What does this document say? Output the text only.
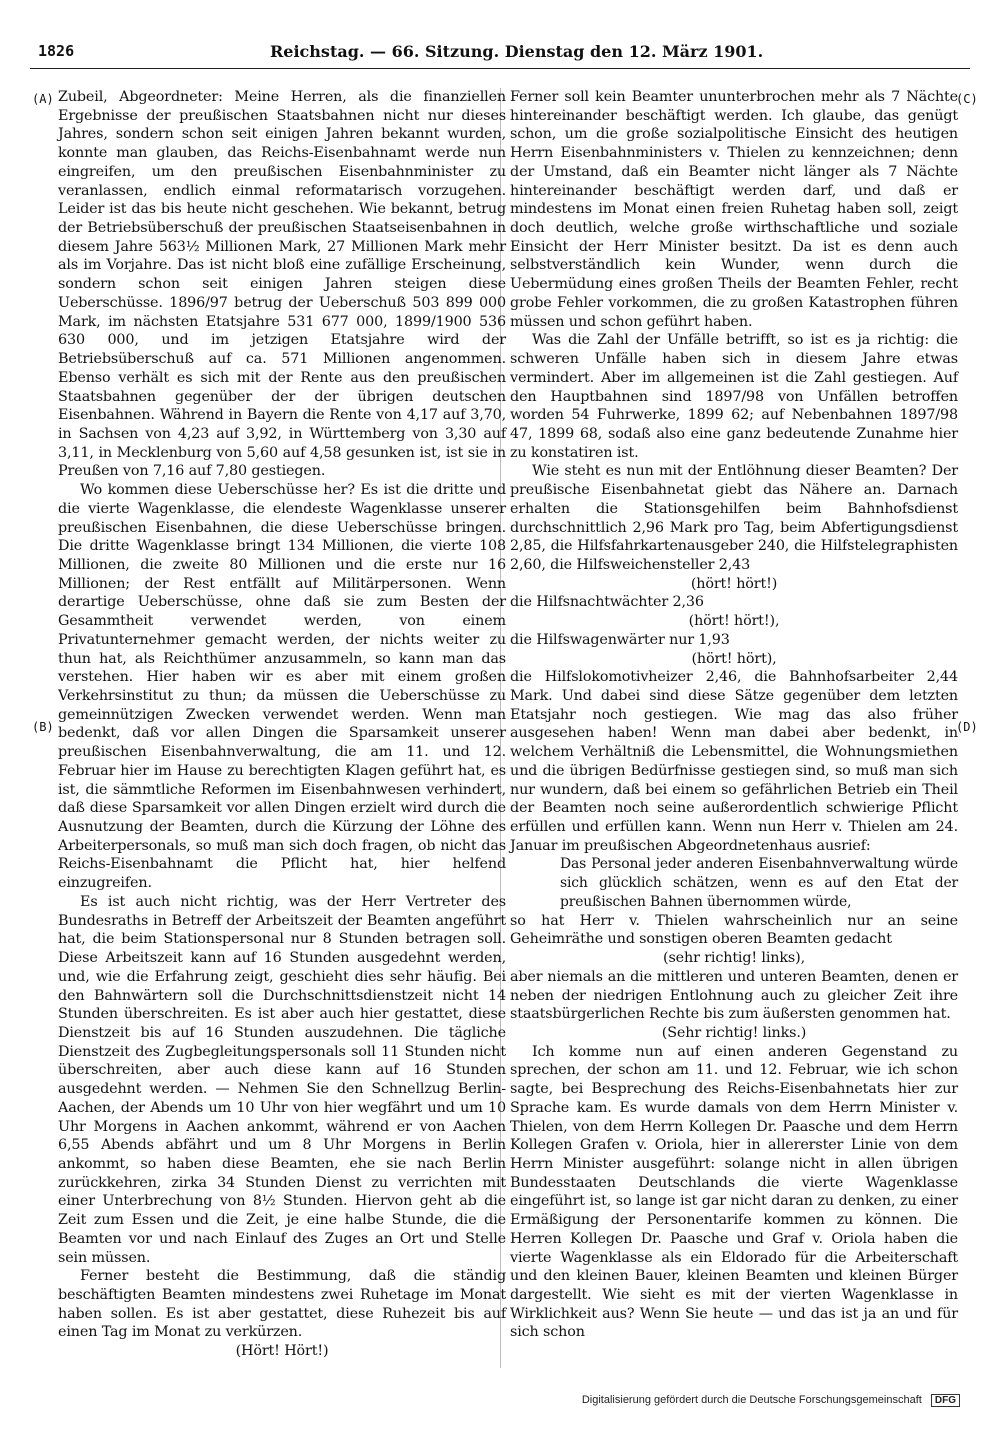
1826	Reichstag. — 66. Sitzung. Dienstag den 12. März 1901.
(A)
(B)
(C)
(D)

Zubeil, Abgeordneter: Meine Herren, als die finanziellen Ergebnisse der preußischen Staatsbahnen nicht nur dieses Jahres, sondern schon seit einigen Jahren bekannt wurden, konnte man glauben, das Reichs-Eisenbahnamt werde nun eingreifen, um den preußischen Eisenbahnminister zu veranlassen, endlich einmal reformatarisch vorzugehen. Leider ist das bis heute nicht geschehen. Wie bekannt, betrug der Betriebsüberschuß der preußischen Staatseisenbahnen in diesem Jahre 563½ Millionen Mark, 27 Millionen Mark mehr als im Vorjahre. Das ist nicht bloß eine zufällige Erscheinung, sondern schon seit einigen Jahren steigen diese Ueberschüsse. 1896/97 betrug der Ueberschuß 503 899 000 Mark, im nächsten Etatsjahre 531 677 000, 1899/1900 536 630 000, und im jetzigen Etatsjahre wird der Betriebsüberschuß auf ca. 571 Millionen angenommen. Ebenso verhält es sich mit der Rente aus den preußischen Staatsbahnen gegenüber der der übrigen deutschen Eisenbahnen. Während in Bayern die Rente von 4,17 auf 3,70, in Sachsen von 4,23 auf 3,92, in Württemberg von 3,30 auf 3,11, in Mecklenburg von 5,60 auf 4,58 gesunken ist, ist sie in Preußen von 7,16 auf 7,80 gestiegen.

Wo kommen diese Ueberschüsse her? Es ist die dritte und die vierte Wagenklasse, die elendeste Wagenklasse unserer preußischen Eisenbahnen, die diese Ueberschüsse bringen. Die dritte Wagenklasse bringt 134 Millionen, die vierte 108 Millionen, die zweite 80 Millionen und die erste nur 16 Millionen; der Rest entfällt auf Militärpersonen. Wenn derartige Ueberschüsse, ohne daß sie zum Besten der Gesammtheit verwendet werden, von einem Privatunternehmer gemacht werden, der nichts weiter zu thun hat, als Reichthümer anzusammeln, so kann man das verstehen. Hier haben wir es aber mit einem großen Verkehrsinstitut zu thun; da müssen die Ueberschüsse zu gemeinnützigen Zwecken verwendet werden. Wenn man bedenkt, daß vor allen Dingen die Sparsamkeit unserer preußischen Eisenbahnverwaltung, die am 11. und 12. Februar hier im Hause zu berechtigten Klagen geführt hat, es ist, die sämmtliche Reformen im Eisenbahnwesen verhindert, daß diese Sparsamkeit vor allen Dingen erzielt wird durch die Ausnutzung der Beamten, durch die Kürzung der Löhne des Arbeiterpersonals, so muß man sich doch fragen, ob nicht das Reichs-Eisenbahnamt die Pflicht hat, hier helfend einzugreifen.

Es ist auch nicht richtig, was der Herr Vertreter des Bundesraths in Betreff der Arbeitszeit der Beamten angeführt hat, die beim Stationspersonal nur 8 Stunden betragen soll. Diese Arbeitszeit kann auf 16 Stunden ausgedehnt werden, und, wie die Erfahrung zeigt, geschieht dies sehr häufig. Bei den Bahnwärtern soll die Durchschnittsdienstzeit nicht 14 Stunden überschreiten. Es ist aber auch hier gestattet, diese Dienstzeit bis auf 16 Stunden auszudehnen. Die tägliche Dienstzeit des Zugbegleitungspersonals soll 11 Stunden nicht überschreiten, aber auch diese kann auf 16 Stunden ausgedehnt werden. — Nehmen Sie den Schnellzug Berlin-Aachen, der Abends um 10 Uhr von hier wegfährt und um 10 Uhr Morgens in Aachen ankommt, während er von Aachen 6,55 Abends abfährt und um 8 Uhr Morgens in Berlin ankommt, so haben diese Beamten, ehe sie nach Berlin zurückkehren, zirka 34 Stunden Dienst zu verrichten mit einer Unterbrechung von 8½ Stunden. Hiervon geht ab die Zeit zum Essen und die Zeit, je eine halbe Stunde, die die Beamten vor und nach Einlauf des Zuges an Ort und Stelle sein müssen.

Ferner besteht die Bestimmung, daß die ständig beschäftigten Beamten mindestens zwei Ruhetage im Monat haben sollen. Es ist aber gestattet, diese Ruhezeit bis auf einen Tag im Monat zu verkürzen.

(Hört! Hört!)

Ferner soll kein Beamter ununterbrochen mehr als 7 Nächte hintereinander beschäftigt werden. Ich glaube, das genügt schon, um die große sozialpolitische Einsicht des heutigen Herrn Eisenbahnministers v. Thielen zu kennzeichnen; denn der Umstand, daß ein Beamter nicht länger als 7 Nächte hintereinander beschäftigt werden darf, und daß er mindestens im Monat einen freien Ruhetag haben soll, zeigt doch deutlich, welche große wirthschaftliche und soziale Einsicht der Herr Minister besitzt. Da ist es denn auch selbstverständlich kein Wunder, wenn durch die Uebermüdung eines großen Theils der Beamten Fehler, recht grobe Fehler vorkommen, die zu großen Katastrophen führen müssen und schon geführt haben.

Was die Zahl der Unfälle betrifft, so ist es ja richtig: die schweren Unfälle haben sich in diesem Jahre etwas vermindert. Aber im allgemeinen ist die Zahl gestiegen. Auf den Hauptbahnen sind 1897/98 von Unfällen betroffen worden 54 Fuhrwerke, 1899 62; auf Nebenbahnen 1897/98 47, 1899 68, sodaß also eine ganz bedeutende Zunahme hier zu konstatiren ist.

Wie steht es nun mit der Entlöhnung dieser Beamten? Der preußische Eisenbahnetat giebt das Nähere an. Darnach erhalten die Stationsgehilfen beim Bahnhofsdienst durchschnittlich 2,96 Mark pro Tag, beim Abfertigungsdienst 2,85, die Hilfsfahrkartenausgeber 240, die Hilfstelegraphisten 2,60, die Hilfsweichensteller 2,43

(hört! hört!)

die Hilfsnachtwächter 2,36

(hört! hört!),

die Hilfswagenwärter nur 1,93

(hört! hört),

die Hilfslokomotivheizer 2,46, die Bahnhofsarbeiter 2,44 Mark. Und dabei sind diese Sätze gegenüber dem letzten Etatsjahr noch gestiegen. Wie mag das also früher ausgesehen haben! Wenn man dabei aber bedenkt, in welchem Verhältniß die Lebensmittel, die Wohnungsmiethen und die übrigen Bedürfnisse gestiegen sind, so muß man sich nur wundern, daß bei einem so gefährlichen Betrieb ein Theil der Beamten noch seine außerordentlich schwierige Pflicht erfüllen und erfüllen kann. Wenn nun Herr v. Thielen am 24. Januar im preußischen Abgeordnetenhaus ausrief:

Das Personal jeder anderen Eisenbahnverwaltung würde sich glücklich schätzen, wenn es auf den Etat der preußischen Bahnen übernommen würde,

so hat Herr v. Thielen wahrscheinlich nur an seine Geheimräthe und sonstigen oberen Beamten gedacht

(sehr richtig! links),

aber niemals an die mittleren und unteren Beamten, denen er neben der niedrigen Entlohnung auch zu gleicher Zeit ihre staatsbürgerlichen Rechte bis zum äußersten genommen hat.

(Sehr richtig! links.)

Ich komme nun auf einen anderen Gegenstand zu sprechen, der schon am 11. und 12. Februar, wie ich schon sagte, bei Besprechung des Reichs-Eisenbahnetats hier zur Sprache kam. Es wurde damals von dem Herrn Minister v. Thielen, von dem Herrn Kollegen Dr. Paasche und dem Herrn Kollegen Grafen v. Oriola, hier in allererster Linie von dem Herrn Minister ausgeführt: solange nicht in allen übrigen Bundesstaaten Deutschlands die vierte Wagenklasse eingeführt ist, so lange ist gar nicht daran zu denken, zu einer Ermäßigung der Personentarife kommen zu können. Die Herren Kollegen Dr. Paasche und Graf v. Oriola haben die vierte Wagenklasse als ein Eldorado für die Arbeiterschaft und den kleinen Bauer, kleinen Beamten und kleinen Bürger dargestellt. Wie sieht es mit der vierten Wagenklasse in Wirklichkeit aus? Wenn Sie heute — und das ist ja an und für sich schon

Digitalisierung gefördert durch die Deutsche Forschungsgemeinschaft DFG
